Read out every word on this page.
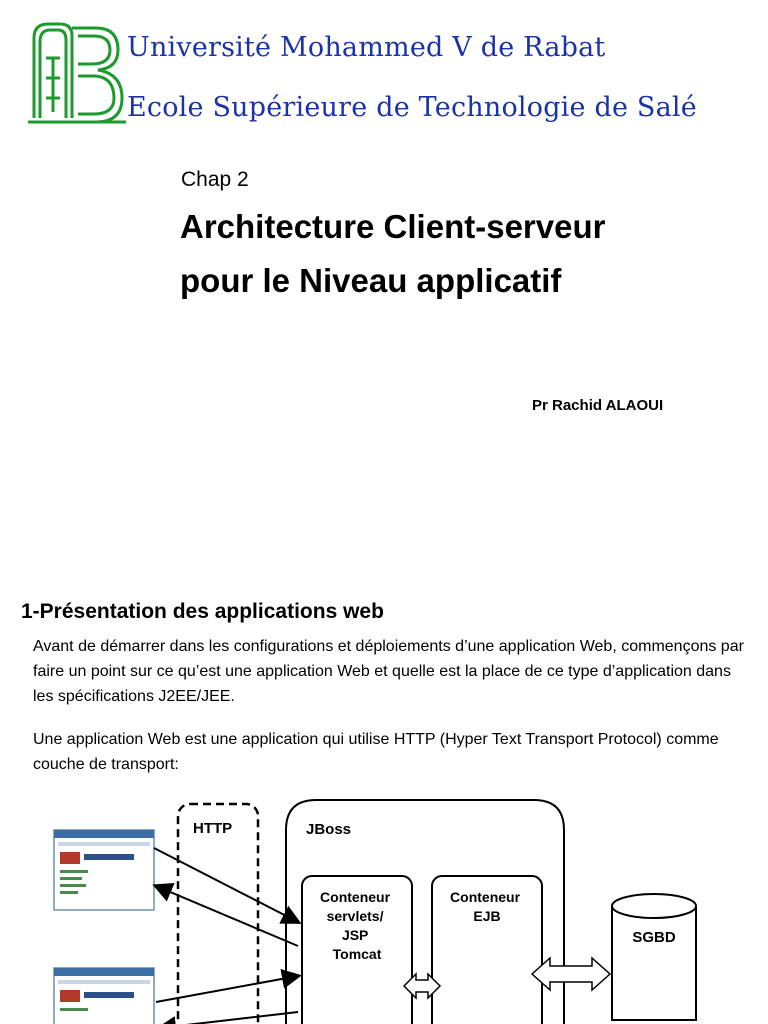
Université Mohammed V de Rabat
Ecole Supérieure de Technologie de Salé
Chap 2
Architecture Client-serveur
pour le Niveau applicatif
Pr Rachid ALAOUI
1-Présentation des applications web
Avant de démarrer dans les configurations et déploiements d’une application Web, commençons par faire un point sur ce qu’est une application Web et quelle est la place de ce type d’application dans les spécifications J2EE/JEE.
Une application Web est une application qui utilise HTTP (Hyper Text Transport Protocol) comme couche de transport:
HTTP	JBoss
Conteneur servlets/ JSP Tomcat
Conteneur EJB
SGBD
